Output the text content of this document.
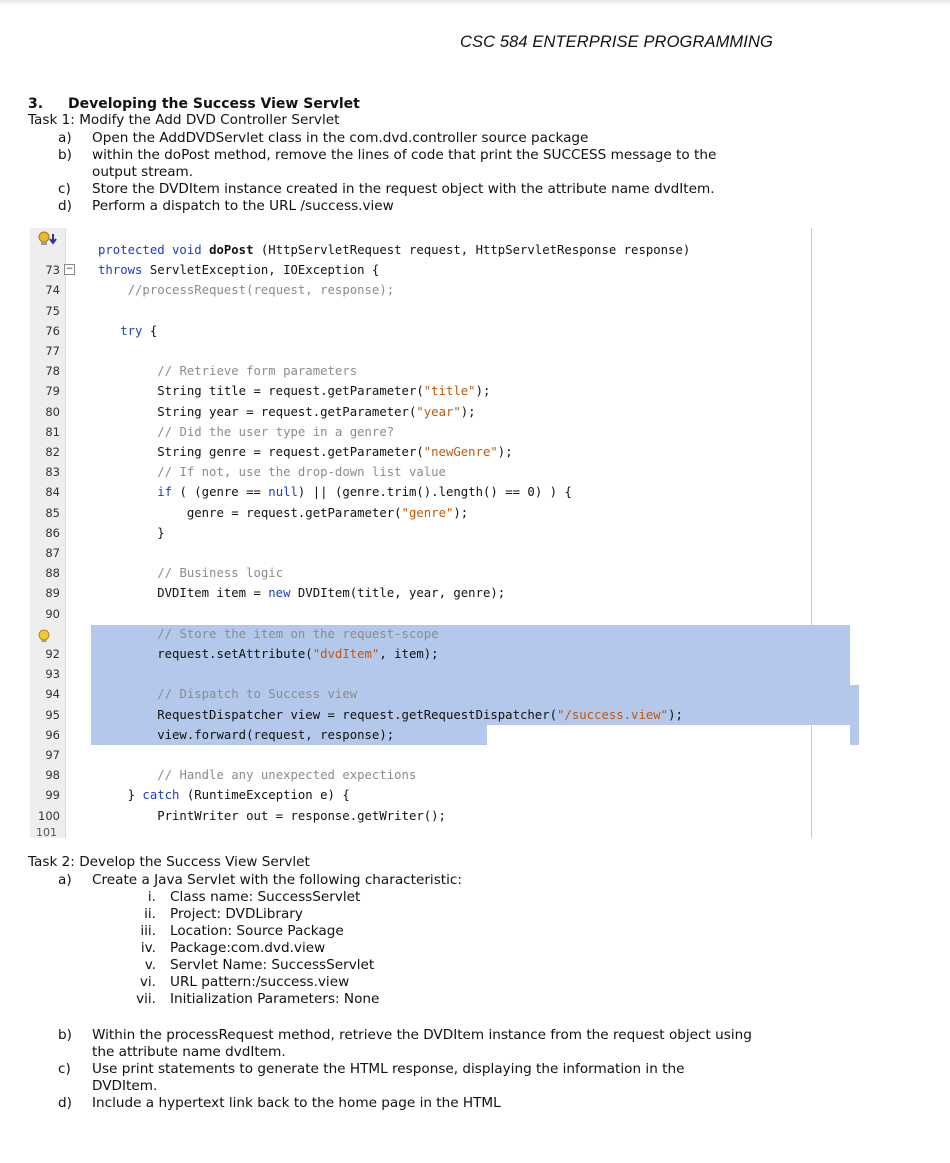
CSC 584 ENTERPRISE PROGRAMMING
3. Developing the Success View Servlet
Task 1: Modify the Add DVD Controller Servlet
a)	Open the AddDVDServlet class in the com.dvd.controller source package
b)	within the doPost method, remove the lines of code that print the SUCCESS message to the output stream.
c)	Store the DVDItem instance created in the request object with the attribute name dvdItem.
d)	Perform a dispatch to the URL /success.view
−
protected void doPost (HttpServletRequest request, HttpServletResponse response)
73	throws ServletException, IOException {
74	//processRequest(request, response);
75
76	try {
77
78	// Retrieve form parameters
79	String title = request.getParameter("title");
80	String year = request.getParameter("year");
81	// Did the user type in a genre?
82	String genre = request.getParameter("newGenre");
83	// If not, use the drop-down list value
84	if ( (genre == null) || (genre.trim().length() == 0) ) {
85	genre = request.getParameter("genre");
86	}
87
88	// Business logic
89	DVDItem item = new DVDItem(title, year, genre);
90
// Store the item on the request-scope
92	request.setAttribute("dvdItem", item);
93
94	// Dispatch to Success view
95	RequestDispatcher view = request.getRequestDispatcher("/success.view");
96	view.forward(request, response);
97
98	// Handle any unexpected expections
99	} catch (RuntimeException e) {
100	PrintWriter out = response.getWriter();
101
Task 2: Develop the Success View Servlet
a)	Create a Java Servlet with the following characteristic:
i.	Class name: SuccessServlet
ii.	Project: DVDLibrary
iii.	Location: Source Package
iv.	Package:com.dvd.view
v.	Servlet Name: SuccessServlet
vi.	URL pattern:/success.view
vii.	Initialization Parameters: None
b)	Within the processRequest method, retrieve the DVDItem instance from the request object using the attribute name dvdItem.
c)	Use print statements to generate the HTML response, displaying the information in the DVDItem.
d)	Include a hypertext link back to the home page in the HTML
